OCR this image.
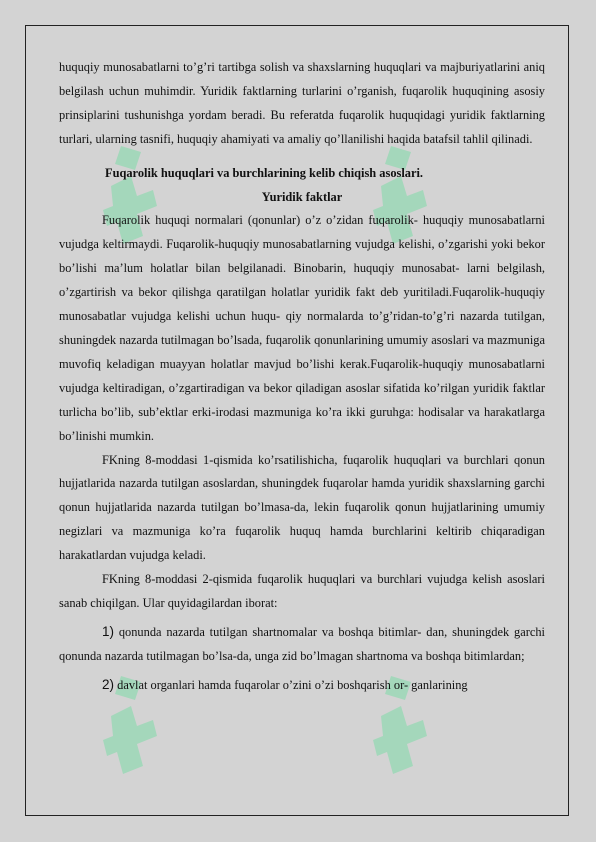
huquqiy munosabatlarni to’g’ri tartibga solish va shaxslarning huquqlari va majburiyatlarini aniq belgilash uchun muhimdir. Yuridik faktlarning turlarini o’rganish, fuqarolik huquqining asosiy prinsiplarini tushunishga yordam beradi. Bu referatda fuqarolik huquqidagi yuridik faktlarning turlari, ularning tasnifi, huquqiy ahamiyati va amaliy qo’llanilishi haqida batafsil tahlil qilinadi.

Fuqarolik huquqlari va burchlarining kelib chiqish asoslari.

Yuridik faktlar

Fuqarolik huquqi normalari (qonunlar) o’z o’zidan fuqarolik- huquqiy munosabatlarni vujudga keltirmaydi. Fuqarolik-huquqiy munosabatlarning vujudga kelishi, o’zgarishi yoki bekor bo’lishi ma’lum holatlar bilan belgilanadi. Binobarin, huquqiy munosabat- larni belgilash, o’zgartirish va bekor qilishga qaratilgan holatlar yuridik fakt deb yuritiladi.Fuqarolik-huquqiy munosabatlar vujudga kelishi uchun huqu- qiy normalarda to’g’ridan-to’g’ri nazarda tutilgan, shuningdek nazarda tutilmagan bo’lsada, fuqarolik qonunlarining umumiy asoslari va mazmuniga muvofiq keladigan muayyan holatlar mavjud bo’lishi kerak.Fuqarolik-huquqiy munosabatlarni vujudga keltiradigan, o’zgartiradigan va bekor qiladigan asoslar sifatida ko’rilgan yuridik faktlar turlicha bo’lib, sub’ektlar erki-irodasi mazmuniga ko’ra ikki guruhga: hodisalar va harakatlarga bo’linishi mumkin.

FKning 8-moddasi 1-qismida ko’rsatilishicha, fuqarolik huquqlari va burchlari qonun hujjatlarida nazarda tutilgan asoslardan, shuningdek fuqarolar hamda yuridik shaxslarning garchi qonun hujjatlarida nazarda tutilgan bo’lmasa-da, lekin fuqarolik qonun hujjatlarining umumiy negizlari va mazmuniga ko’ra fuqarolik huquq hamda burchlarini keltirib chiqaradigan harakatlardan vujudga keladi.

FKning 8-moddasi 2-qismida fuqarolik huquqlari va burchlari vujudga kelish asoslari sanab chiqilgan. Ular quyidagilardan iborat:

1) qonunda nazarda tutilgan shartnomalar va boshqa bitimlar- dan, shuningdek garchi qonunda nazarda tutilmagan bo’lsa-da, unga zid bo’lmagan shartnoma va boshqa bitimlardan;

2) davlat organlari hamda fuqarolar o’zini o’zi boshqarish or- ganlarining
